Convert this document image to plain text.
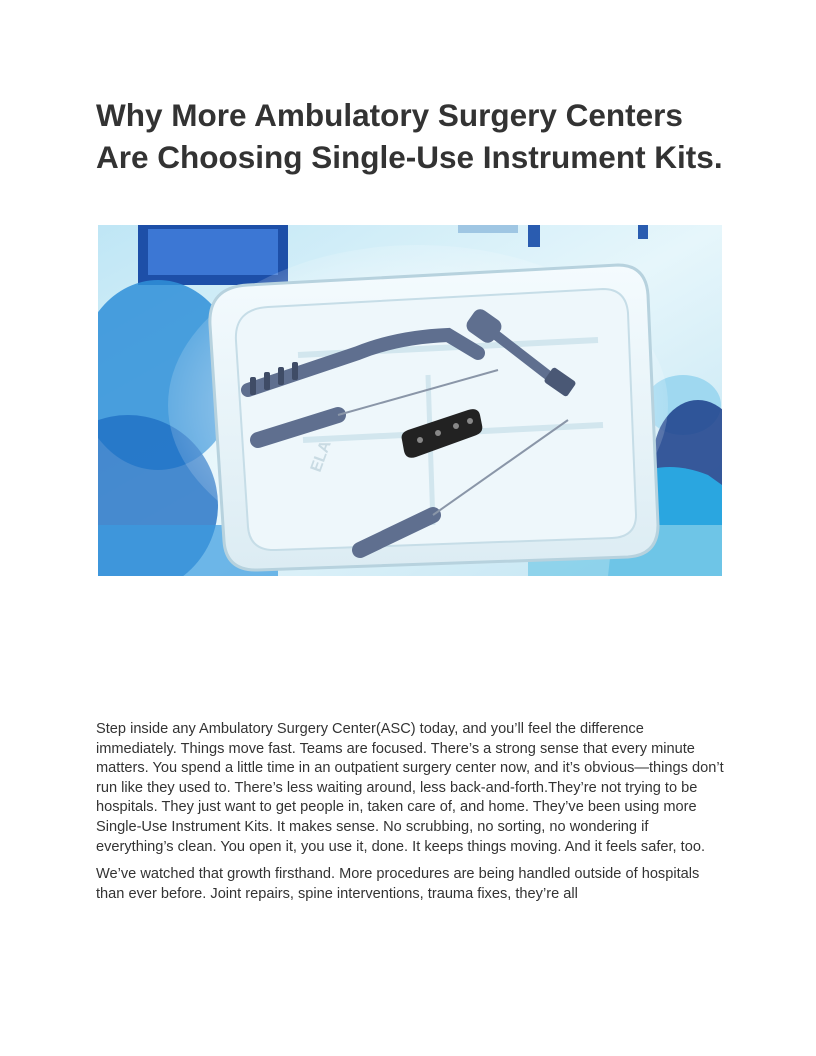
Why More Ambulatory Surgery Centers Are Choosing Single-Use Instrument Kits.
ELA

Step inside any Ambulatory Surgery Center(ASC) today, and you’ll feel the difference immediately. Things move fast. Teams are focused. There’s a strong sense that every minute matters. You spend a little time in an outpatient surgery center now, and it’s obvious—things don’t run like they used to. There’s less waiting around, less back-and-forth.They’re not trying to be hospitals. They just want to get people in, taken care of, and home. They’ve been using more Single-Use Instrument Kits. It makes sense. No scrubbing, no sorting, no wondering if everything’s clean. You open it, you use it, done. It keeps things moving. And it feels safer, too.

We’ve watched that growth firsthand. More procedures are being handled outside of hospitals than ever before. Joint repairs, spine interventions, trauma fixes, they’re all
